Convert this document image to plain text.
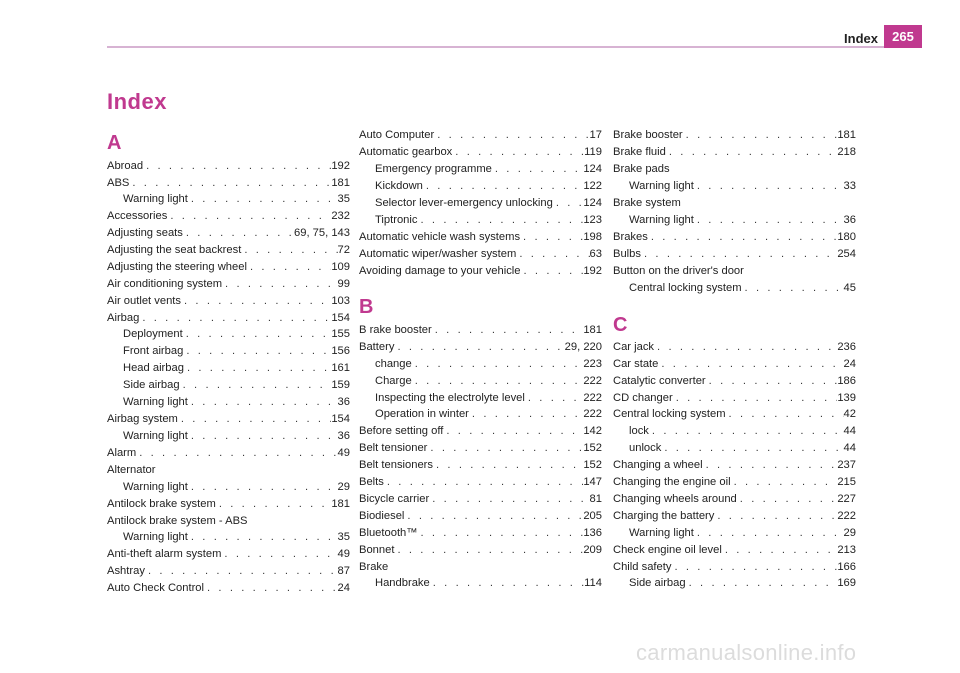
Index	265
Index
A
Abroad . . .	192
ABS . . .	181
Warning light . . .	35
Accessories . . .	232
Adjusting seats . . .	69, 75, 143
Adjusting the seat backrest . . .	72
Adjusting the steering wheel . . .	109
Air conditioning system . . .	99
Air outlet vents . . .	103
Airbag . . .	154
Deployment . . .	155
Front airbag . . .	156
Head airbag . . .	161
Side airbag . . .	159
Warning light . . .	36
Airbag system . . .	154
Warning light . . .	36
Alarm . . .	49
Alternator
Warning light . . .	29
Antilock brake system . . .	181
Antilock brake system - ABS
Warning light . . .	35
Anti-theft alarm system . . .	49
Ashtray . . .	87
Auto Check Control . . .	24
B
Auto Computer . . .	17
Automatic gearbox . . .	119
Emergency programme . . .	124
Kickdown . . .	122
Selector lever-emergency unlocking . . .	124
Tiptronic . . .	123
Automatic vehicle wash systems . . .	198
Automatic wiper/washer system . . .	63
Avoiding damage to your vehicle . . .	192
B rake booster . . .	181
Battery . . .	29, 220
change . . .	223
Charge . . .	222
Inspecting the electrolyte level . . .	222
Operation in winter . . .	222
Before setting off . . .	142
Belt tensioner . . .	152
Belt tensioners . . .	152
Belts . . .	147
Bicycle carrier . . .	81
Biodiesel . . .	205
Bluetooth™ . . .	136
Bonnet . . .	209
Brake
Handbrake . . .	114
C
Brake booster . . .	181
Brake fluid . . .	218
Brake pads
Warning light . . .	33
Brake system
Warning light . . .	36
Brakes . . .	180
Bulbs . . .	254
Button on the driver's door
Central locking system . . .	45
Car jack . . .	236
Car state . . .	24
Catalytic converter . . .	186
CD changer . . .	139
Central locking system . . .	42
lock . . .	44
unlock . . .	44
Changing a wheel . . .	237
Changing the engine oil . . .	215
Changing wheels around . . .	227
Charging the battery . . .	222
Warning light . . .	29
Check engine oil level . . .	213
Child safety . . .	166
Side airbag . . .	169
carmanualsonline.info
